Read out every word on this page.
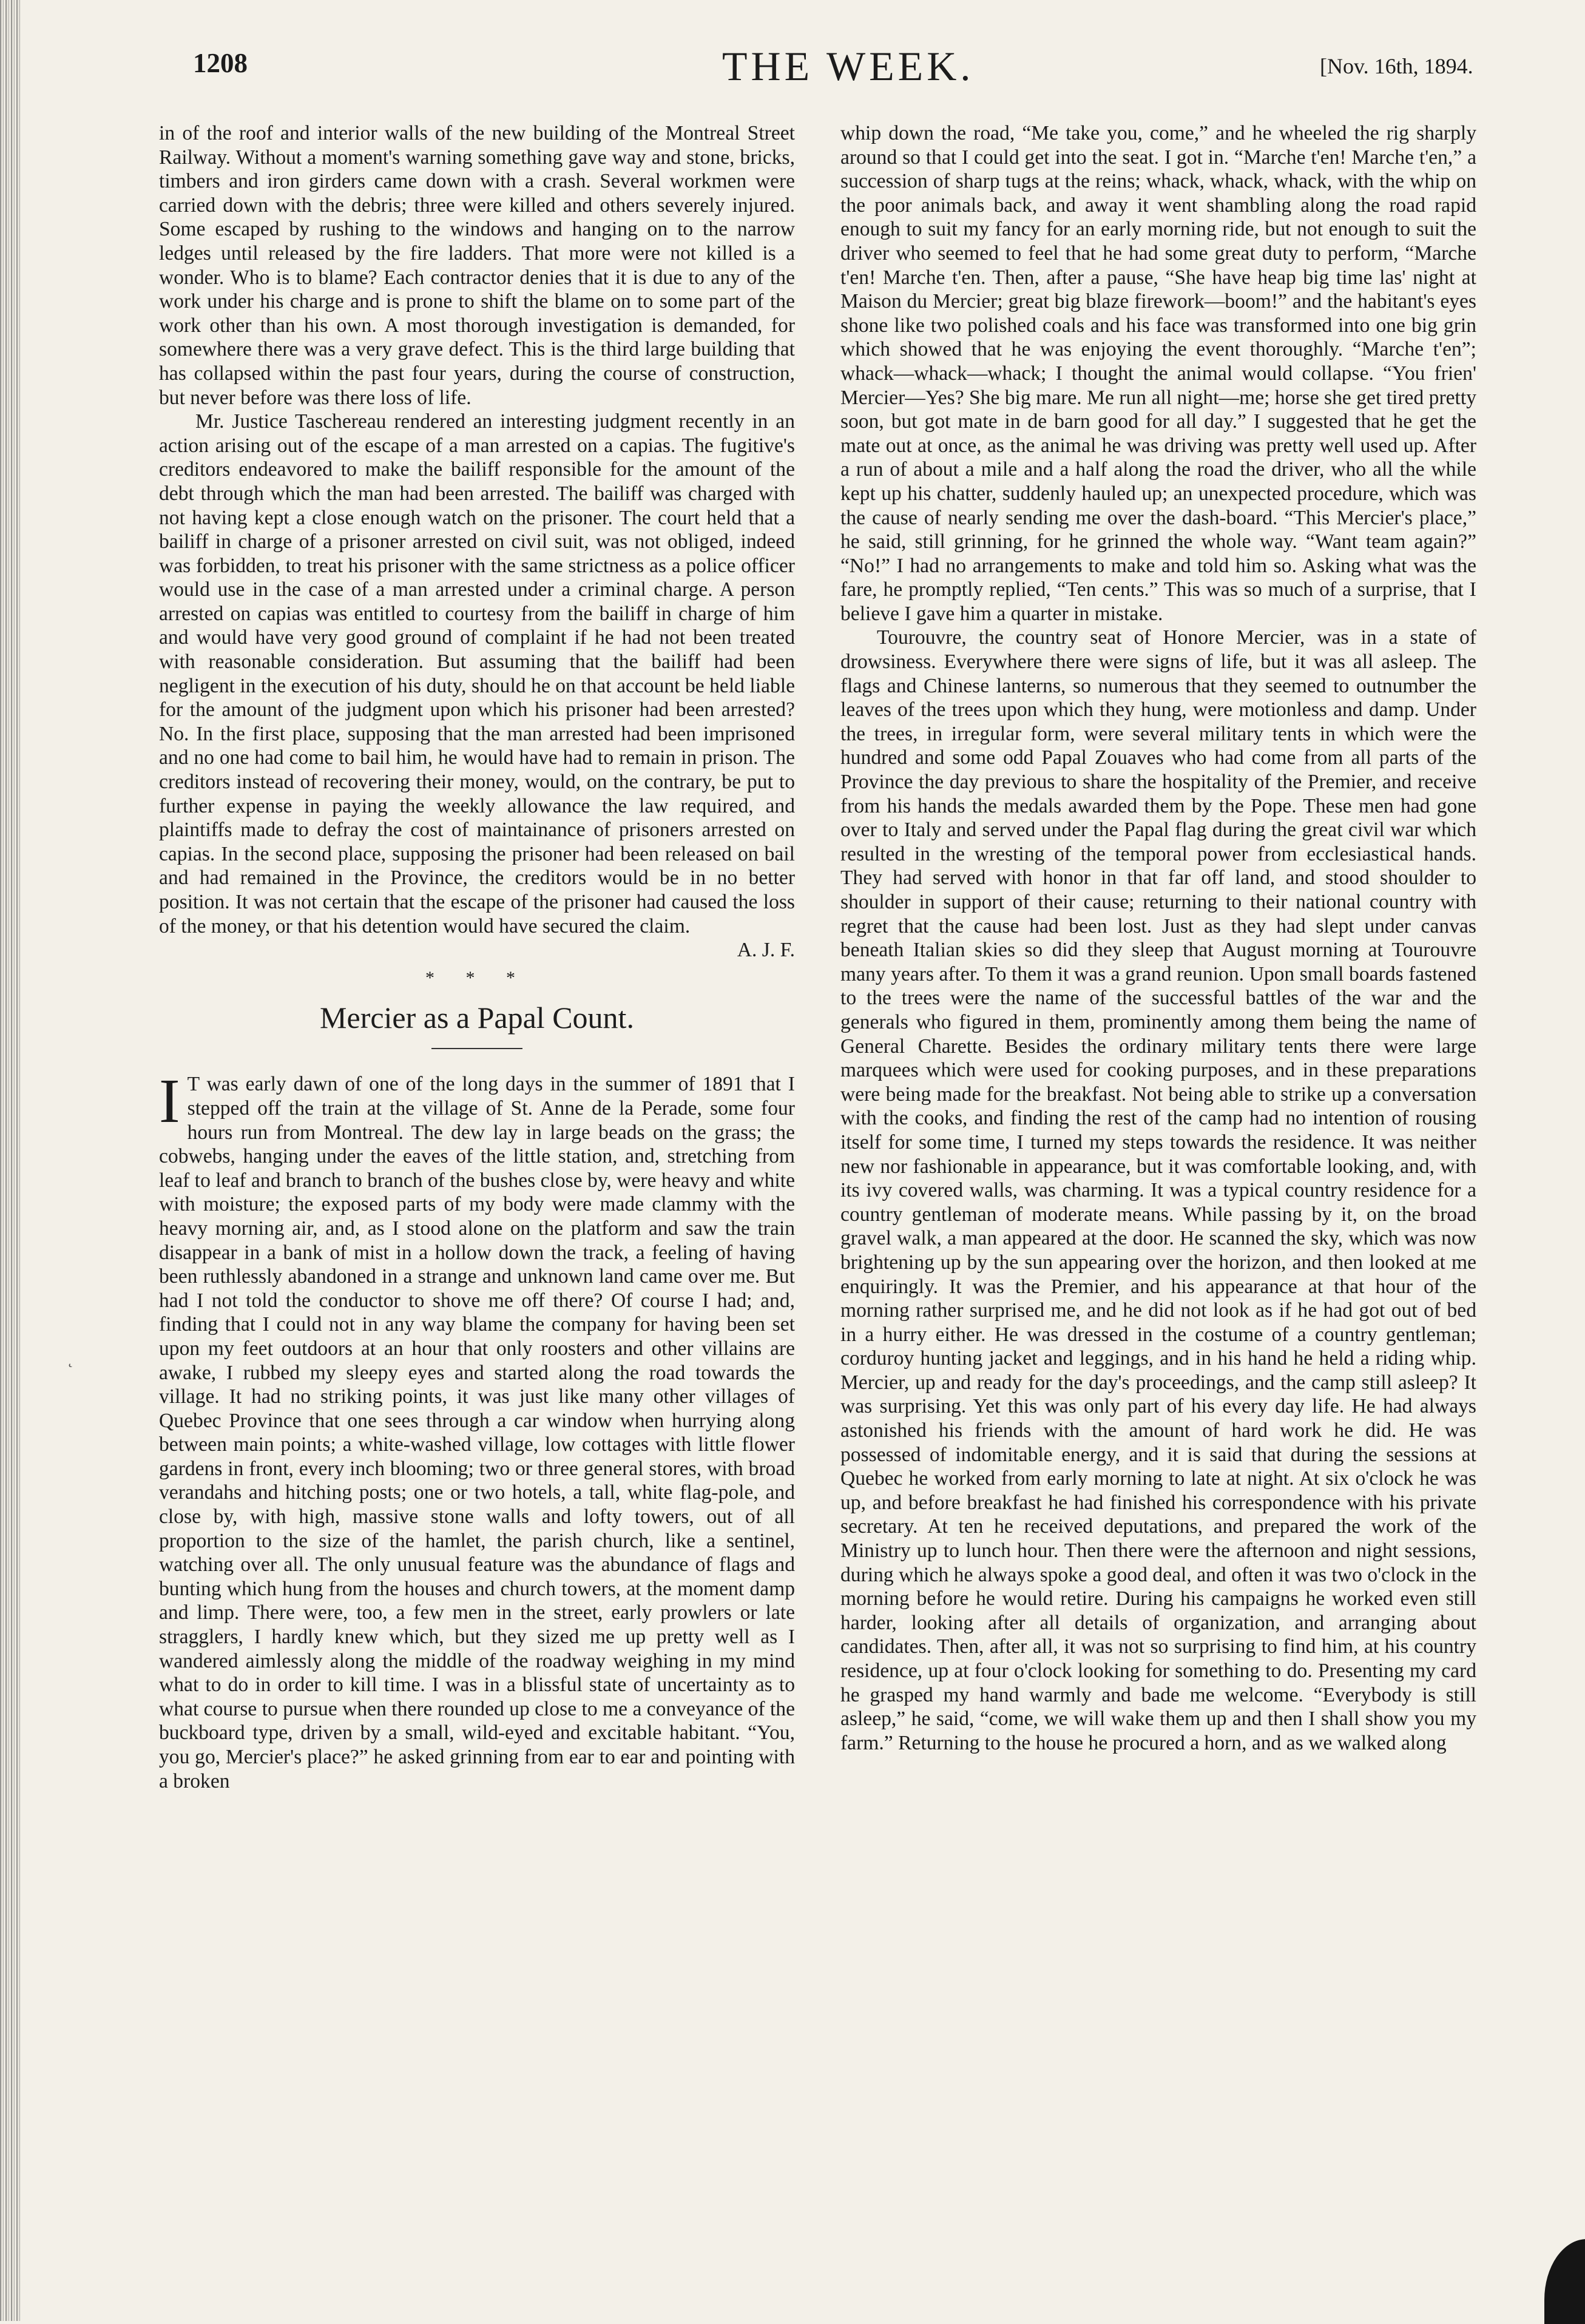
1208	THE WEEK.	[Nov. 16th, 1894.

in of the roof and interior walls of the new building of the Montreal Street Railway. Without a moment's warning something gave way and stone, bricks, timbers and iron girders came down with a crash. Several workmen were carried down with the debris; three were killed and others severely injured. Some escaped by rushing to the windows and hanging on to the narrow ledges until released by the fire ladders. That more were not killed is a wonder. Who is to blame? Each contractor denies that it is due to any of the work under his charge and is prone to shift the blame on to some part of the work other than his own. A most thorough investigation is demanded, for somewhere there was a very grave defect. This is the third large building that has collapsed within the past four years, during the course of construction, but never before was there loss of life.

Mr. Justice Taschereau rendered an interesting judgment recently in an action arising out of the escape of a man arrested on a capias. The fugitive's creditors endeavored to make the bailiff responsible for the amount of the debt through which the man had been arrested. The bailiff was charged with not having kept a close enough watch on the prisoner. The court held that a bailiff in charge of a prisoner arrested on civil suit, was not obliged, indeed was forbidden, to treat his prisoner with the same strictness as a police officer would use in the case of a man arrested under a criminal charge. A person arrested on capias was entitled to courtesy from the bailiff in charge of him and would have very good ground of complaint if he had not been treated with reasonable consideration. But assuming that the bailiff had been negligent in the execution of his duty, should he on that account be held liable for the amount of the judgment upon which his prisoner had been arrested? No. In the first place, supposing that the man arrested had been imprisoned and no one had come to bail him, he would have had to remain in prison. The creditors instead of recovering their money, would, on the contrary, be put to further expense in paying the weekly allowance the law required, and plaintiffs made to defray the cost of maintainance of prisoners arrested on capias. In the second place, supposing the prisoner had been released on bail and had remained in the Province, the creditors would be in no better position. It was not certain that the escape of the prisoner had caused the loss of the money, or that his detention would have secured the claim.

A. J. F.

* * *
Mercier as a Papal Count.

I T was early dawn of one of the long days in the summer of 1891 that I stepped off the train at the village of St. Anne de la Perade, some four hours run from Montreal. The dew lay in large beads on the grass; the cobwebs, hanging under the eaves of the little station, and, stretching from leaf to leaf and branch to branch of the bushes close by, were heavy and white with moisture; the exposed parts of my body were made clammy with the heavy morning air, and, as I stood alone on the platform and saw the train disappear in a bank of mist in a hollow down the track, a feeling of having been ruthlessly abandoned in a strange and unknown land came over me. But had I not told the conductor to shove me off there? Of course I had; and, finding that I could not in any way blame the company for having been set upon my feet outdoors at an hour that only roosters and other villains are awake, I rubbed my sleepy eyes and started along the road towards the village. It had no striking points, it was just like many other villages of Quebec Province that one sees through a car window when hurrying along between main points; a white-washed village, low cottages with little flower gardens in front, every inch blooming; two or three general stores, with broad verandahs and hitching posts; one or two hotels, a tall, white flag-pole, and close by, with high, massive stone walls and lofty towers, out of all proportion to the size of the hamlet, the parish church, like a sentinel, watching over all. The only unusual feature was the abundance of flags and bunting which hung from the houses and church towers, at the moment damp and limp. There were, too, a few men in the street, early prowlers or late stragglers, I hardly knew which, but they sized me up pretty well as I wandered aimlessly along the middle of the roadway weighing in my mind what to do in order to kill time. I was in a blissful state of uncertainty as to what course to pursue when there rounded up close to me a conveyance of the buckboard type, driven by a small, wild-eyed and excitable habitant. “You, you go, Mercier's place?” he asked grinning from ear to ear and pointing with a broken

whip down the road, “Me take you, come,” and he wheeled the rig sharply around so that I could get into the seat. I got in. “Marche t'en! Marche t'en,” a succession of sharp tugs at the reins; whack, whack, whack, with the whip on the poor animals back, and away it went shambling along the road rapid enough to suit my fancy for an early morning ride, but not enough to suit the driver who seemed to feel that he had some great duty to perform, “Marche t'en! Marche t'en. Then, after a pause, “She have heap big time las' night at Maison du Mercier; great big blaze firework—boom!” and the habitant's eyes shone like two polished coals and his face was transformed into one big grin which showed that he was enjoying the event thoroughly. “Marche t'en”; whack—whack—whack; I thought the animal would collapse. “You frien' Mercier—Yes? She big mare. Me run all night—me; horse she get tired pretty soon, but got mate in de barn good for all day.” I suggested that he get the mate out at once, as the animal he was driving was pretty well used up. After a run of about a mile and a half along the road the driver, who all the while kept up his chatter, suddenly hauled up; an unexpected procedure, which was the cause of nearly sending me over the dash-board. “This Mercier's place,” he said, still grinning, for he grinned the whole way. “Want team again?” “No!” I had no arrangements to make and told him so. Asking what was the fare, he promptly replied, “Ten cents.” This was so much of a surprise, that I believe I gave him a quarter in mistake.

Tourouvre, the country seat of Honore Mercier, was in a state of drowsiness. Everywhere there were signs of life, but it was all asleep. The flags and Chinese lanterns, so numerous that they seemed to outnumber the leaves of the trees upon which they hung, were motionless and damp. Under the trees, in irregular form, were several military tents in which were the hundred and some odd Papal Zouaves who had come from all parts of the Province the day previous to share the hospitality of the Premier, and receive from his hands the medals awarded them by the Pope. These men had gone over to Italy and served under the Papal flag during the great civil war which resulted in the wresting of the temporal power from ecclesiastical hands. They had served with honor in that far off land, and stood shoulder to shoulder in support of their cause; returning to their national country with regret that the cause had been lost. Just as they had slept under canvas beneath Italian skies so did they sleep that August morning at Tourouvre many years after. To them it was a grand reunion. Upon small boards fastened to the trees were the name of the successful battles of the war and the generals who figured in them, prominently among them being the name of General Charette. Besides the ordinary military tents there were large marquees which were used for cooking purposes, and in these preparations were being made for the breakfast. Not being able to strike up a conversation with the cooks, and finding the rest of the camp had no intention of rousing itself for some time, I turned my steps towards the residence. It was neither new nor fashionable in appearance, but it was comfortable looking, and, with its ivy covered walls, was charming. It was a typical country residence for a country gentleman of moderate means. While passing by it, on the broad gravel walk, a man appeared at the door. He scanned the sky, which was now brightening up by the sun appearing over the horizon, and then looked at me enquiringly. It was the Premier, and his appearance at that hour of the morning rather surprised me, and he did not look as if he had got out of bed in a hurry either. He was dressed in the costume of a country gentleman; corduroy hunting jacket and leggings, and in his hand he held a riding whip. Mercier, up and ready for the day's proceedings, and the camp still asleep? It was surprising. Yet this was only part of his every day life. He had always astonished his friends with the amount of hard work he did. He was possessed of indomitable energy, and it is said that during the sessions at Quebec he worked from early morning to late at night. At six o'clock he was up, and before breakfast he had finished his correspondence with his private secretary. At ten he received deputations, and prepared the work of the Ministry up to lunch hour. Then there were the afternoon and night sessions, during which he always spoke a good deal, and often it was two o'clock in the morning before he would retire. During his campaigns he worked even still harder, looking after all details of organization, and arranging about candidates. Then, after all, it was not so surprising to find him, at his country residence, up at four o'clock looking for something to do. Presenting my card he grasped my hand warmly and bade me welcome. “Everybody is still asleep,” he said, “come, we will wake them up and then I shall show you my farm.” Returning to the house he procured a horn, and as we walked along

˛
